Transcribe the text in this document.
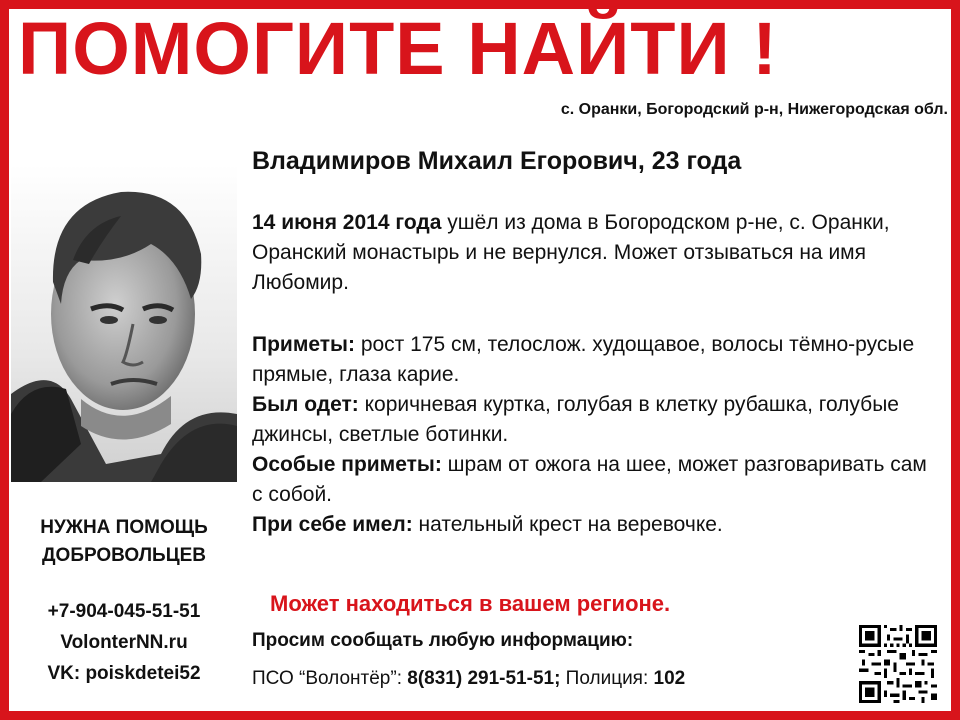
ПОМОГИТЕ НАЙТИ !
с. Оранки, Богородский р-н, Нижегородская обл.
Владимиров Михаил Егорович, 23 года
14 июня 2014 года ушёл из дома в Богородском р-не, с. Оранки, Оранский монастырь и не вернулся. Может отзываться на имя Любомир.
Приметы: рост 175 см, телослож. худощавое, волосы тёмно-русые прямые, глаза карие.
Был одет: коричневая куртка, голубая в клетку рубашка, голубые джинсы, светлые ботинки.
Особые приметы: шрам от ожога на шее, может разговаривать сам с собой.
При себе имел: нательный крест на веревочке.
НУЖНА ПОМОЩЬ
ДОБРОВОЛЬЦЕВ
+7-904-045-51-51
VolonterNN.ru
VK: poiskdetei52
Может находиться в вашем регионе.
Просим сообщать любую информацию:
ПСО “Волонтёр”: 8(831) 291-51-51; Полиция: 102
